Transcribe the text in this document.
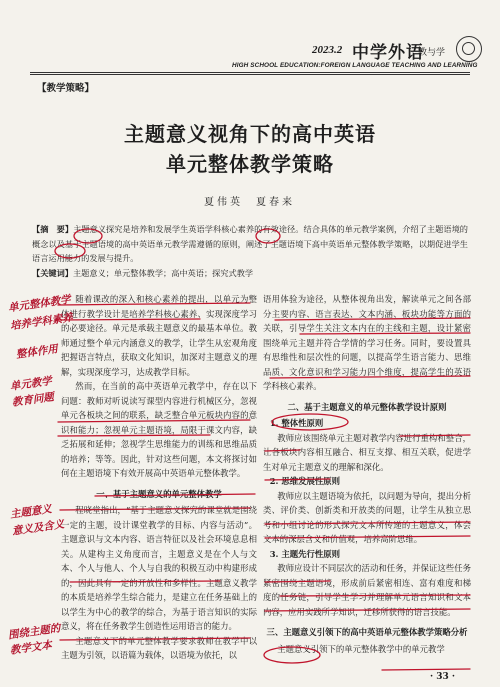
2023.2 中学外语
教与学
HIGH SCHOOL EDUCATION:FOREIGN LANGUAGE TEACHING AND LEARNING
【教学策略】
主题意义视角下的高中英语
单元整体教学策略
夏伟英　夏春来
【摘　要】主题意义探究是培养和发展学生英语学科核心素养的有效途径。结合具体的单元教学案例，介绍了主题语境的概念以及基于主题语境的高中英语单元教学需遵循的原则，阐述了主题语境下高中英语单元整体教学策略，以期促进学生语言运用能力的发展与提升。
【关键词】主题意义；单元整体教学；高中英语；探究式教学

随着课改的深入和核心素养的提出，以单元为整体进行教学设计是培养学科核心素养、实现深度学习的必要途径。单元是承载主题意义的最基本单位。教师通过整个单元内涵意义的教学，让学生从宏观角度把握语言特点，获取文化知识，加深对主题意义的理解，实现深度学习，达成教学目标。

然而，在当前的高中英语单元教学中，存在以下问题：教师对听说读写课型内容进行机械区分，忽视单元各板块之间的联系，缺乏整合单元板块内容的意识和能力；忽视单元主题语境，局限于课文内容，缺乏拓展和延伸；忽视学生思维能力的训练和思维品质的培养；等等。因此，针对这些问题，本文将探讨如何在主题语境下有效开展高中英语单元整体教学。

一、基于主题意义的单元整体教学

程晓堂指出，“基于主题意义探究的课堂就是围绕一定的主题，设计课堂教学的目标、内容与活动”。主题意识与文本内容、语言特征以及社会环境息息相关。从建构主义角度而言，主题意义是在个人与文本、个人与他人、个人与自我的积极互动中构建形成的，因此具有一定的开放性和多样性。主题意义教学的本质是培养学生综合能力，是建立在任务基础上的以学生为中心的教学的综合，为基于语言知识的实际意义，将在任务教学生创造性运用语言的能力。

主题意义下的单元整体教学要求教师在教学中以主题为引领，以语篇为载体，以语境为依托，以

语用体验为途径，从整体视角出发，解读单元之间各部分主要内容、语言表达、文本内涵、板块功能等方面的关联，引导学生关注文本内在的主线和主题，设计紧密围绕单元主题并符合学情的学习任务。同时，要设置具有思维性和层次性的问题，以提高学生语言能力、思维品质、文化意识和学习能力四个维度，提高学生的英语学科核心素养。

二、基于主题意义的单元整体教学设计原则

1. 整体性原则

教师应该围绕单元主题对教学内容进行重构和整合，让各板块内容相互融合、相互支撑、相互关联，促进学生对单元主题意义的理解和深化。

2. 思维发展性原则

教师应以主题语境为依托，以问题为导向，提出分析类、评价类、创新类和开放类的问题，让学生从独立思考和小组讨论的形式探究文本所传递的主题意义，体会文本的深层含义和价值观，培养高阶思维。

3. 主题先行性原则

教师应设计不同层次的活动和任务，并保证这些任务紧密围绕主题语境，形成前后紧密相连、富有难度和梯度的任务链，引导学生学习并理解单元语言知识和文本内容，应用实践所学知识，迁移所获得的语言技能。

三、主题意义引领下的高中英语单元整体教学策略分析

主题意义引领下的单元整体教学中的单元教学

· 33 ·
单元整体教学
培养学科素养
整体作用
单元教学
教育问题
主题意义
意义及含义
围绕主题的
教学文本
